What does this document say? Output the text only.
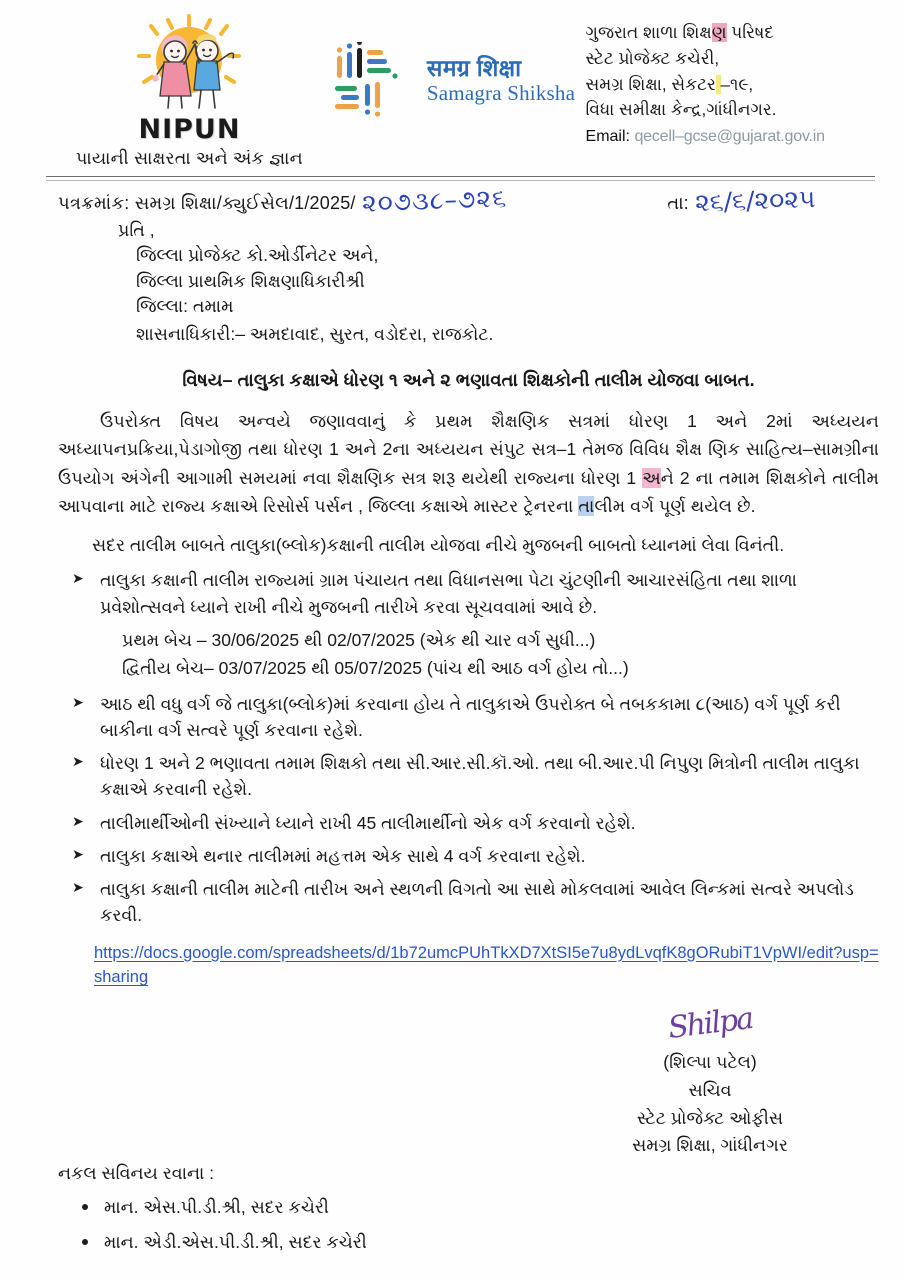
NIPUN
પાયાની સાક્ષરતા અને અંક જ્ઞાન
समग्र शिक्षा
Samagra Shiksha
ગુજરાત શાળા શિક્ષણ પરિષદ
સ્ટેટ પ્રોજેક્ટ કચેરી,
સમગ્ર શિક્ષા, સેકટર –૧૯,
વિધા સમીક્ષા કેન્દ્ર,ગાંધીનગર.
Email: qecell–gcse@gujarat.gov.in
પત્રક્રમાંક: સમગ્ર શિક્ષા/ક્યુઈસેલ/1/2025/ ૨૦૭૩૮–૭૨૬	તા: ૨૬/૬/૨૦૨૫
પ્રતિ ,
જિલ્લા પ્રોજેક્ટ કો.ઓર્ડીનેટર અને,
જિલ્લા પ્રાથમિક શિક્ષણાધિકારીશ્રી
જિલ્લા: તમામ
શાસનાધિકારી:– અમદાવાદ, સુરત, વડોદરા, રાજકોટ.
વિષય– તાલુકા કક્ષાએ ધોરણ ૧ અને ૨ ભણાવતા શિક્ષકોની તાલીમ યોજવા બાબત.
ઉપરોક્ત વિષય અન્વયે જણાવવાનું કે પ્રથમ શૈક્ષણિક સત્રમાં ધોરણ 1 અને 2માં અધ્યયન અધ્યાપનપ્રક્રિયા,પેડાગોજી તથા ધોરણ 1 અને 2ના અધ્યયન સંપુટ સત્ર–1 તેમજ વિવિધ શૈક્ષ ણિક સાહિત્ય–સામગ્રીના ઉપયોગ અંગેની આગામી સમયમાં નવા શૈક્ષણિક સત્ર શરૂ થયેથી રાજ્યના ધોરણ 1 અને 2 ના તમામ શિક્ષકોને તાલીમ આપવાના માટે રાજ્ય કક્ષાએ રિસોર્સ પર્સન , જિલ્લા કક્ષાએ માસ્ટર ટ્રેનરના તાલીમ વર્ગ પૂર્ણ થયેલ છે.
સદર તાલીમ બાબતે તાલુકા(બ્લોક)કક્ષાની તાલીમ યોજવા નીચે મુજબની બાબતો ધ્યાનમાં લેવા વિનંતી.
➤ તાલુકા કક્ષાની તાલીમ રાજ્યમાં ગ્રામ પંચાયત તથા વિધાનસભા પેટા ચુંટણીની આચારસંહિતા તથા શાળા પ્રવેશોત્સવને ધ્યાને રાખી નીચે મુજબની તારીખે કરવા સૂચવવામાં આવે છે.
પ્રથમ બેચ – 30/06/2025 થી 02/07/2025 (એક થી ચાર વર્ગ સુધી...)
દ્વિતીય બેચ– 03/07/2025 થી 05/07/2025 (પાંચ થી આઠ વર્ગ હોય તો...)
➤ આઠ થી વધુ વર્ગ જે તાલુકા(બ્લોક)માં કરવાના હોય તે તાલુકાએ ઉપરોક્ત બે તબકકામા ૮(આઠ) વર્ગ પૂર્ણ કરી બાકીના વર્ગ સત્વરે પૂર્ણ કરવાના રહેશે.
➤ ધોરણ 1 અને 2 ભણાવતા તમામ શિક્ષકો તથા સી.આર.સી.કૉ.ઓ. તથા બી.આર.પી નિપુણ મિત્રોની તાલીમ તાલુકા કક્ષાએ કરવાની રહેશે.
➤ તાલીમાર્થીઓની સંખ્યાને ધ્યાને રાખી 45 તાલીમાર્થીનો એક વર્ગ કરવાનો રહેશે.
➤ તાલુકા કક્ષાએ થનાર તાલીમમાં મહત્તમ એક સાથે 4 વર્ગ કરવાના રહેશે.
➤ તાલુકા કક્ષાની તાલીમ માટેની તારીખ અને સ્થળની વિગતો આ સાથે મોકલવામાં આવેલ લિન્કમાં સત્વરે અપલોડ કરવી.
https://docs.google.com/spreadsheets/d/1b72umcPUhTkXD7XtSI5e7u8ydLvqfK8gORubiT1VpWI/edit?usp=sharing
Shilpa
(શિલ્પા પટેલ)
સચિવ
સ્ટેટ પ્રોજેક્ટ ઓફીસ
સમગ્ર શિક્ષા, ગાંધીનગર
નકલ સવિનય રવાના :
માન. એસ.પી.ડી.શ્રી, સદર કચેરી
માન. એડી.એસ.પી.ડી.શ્રી, સદર કચેરી
